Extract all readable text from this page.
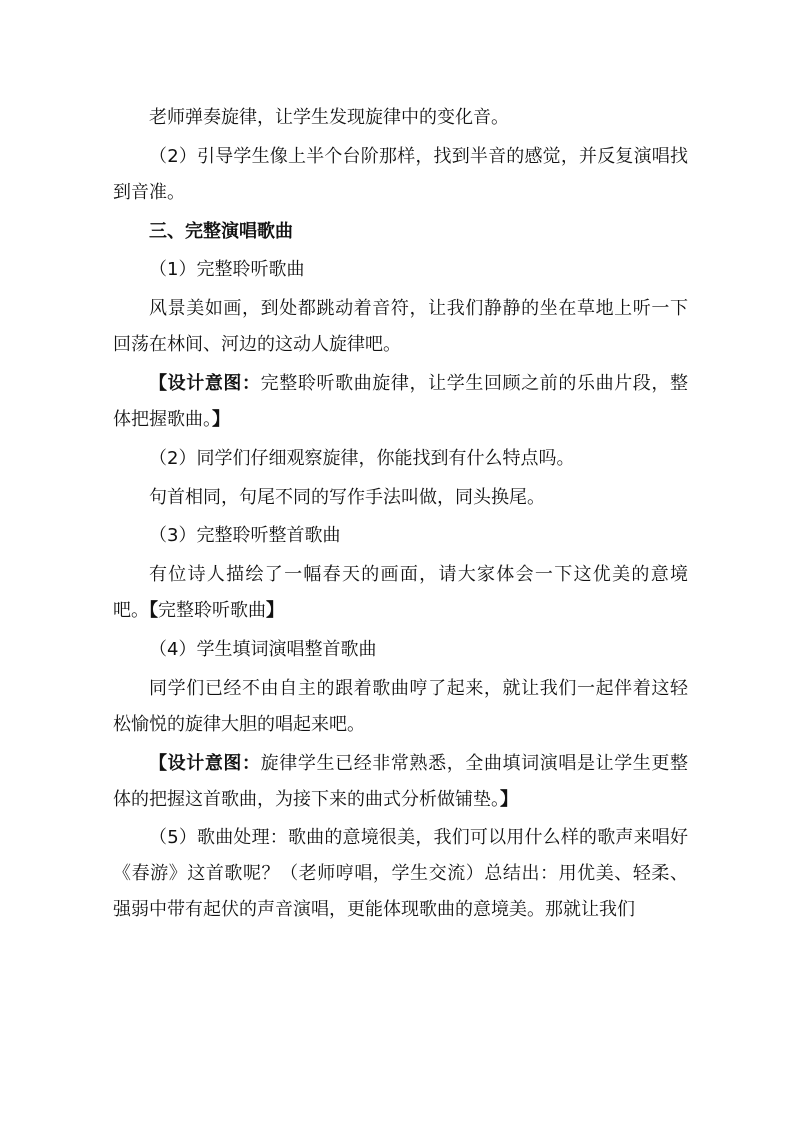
老师弹奏旋律，让学生发现旋律中的变化音。

（2）引导学生像上半个台阶那样，找到半音的感觉，并反复演唱找到音准。

三、完整演唱歌曲

（1）完整聆听歌曲

风景美如画，到处都跳动着音符，让我们静静的坐在草地上听一下回荡在林间、河边的这动人旋律吧。

【设计意图：完整聆听歌曲旋律，让学生回顾之前的乐曲片段，整体把握歌曲。】

（2）同学们仔细观察旋律，你能找到有什么特点吗。

句首相同，句尾不同的写作手法叫做，同头换尾。

（3）完整聆听整首歌曲

有位诗人描绘了一幅春天的画面，请大家体会一下这优美的意境吧。【完整聆听歌曲】

（4）学生填词演唱整首歌曲

同学们已经不由自主的跟着歌曲哼了起来，就让我们一起伴着这轻松愉悦的旋律大胆的唱起来吧。

【设计意图：旋律学生已经非常熟悉，全曲填词演唱是让学生更整体的把握这首歌曲，为接下来的曲式分析做铺垫。】

（5）歌曲处理：歌曲的意境很美，我们可以用什么样的歌声来唱好《春游》这首歌呢？（老师哼唱，学生交流）总结出：用优美、轻柔、强弱中带有起伏的声音演唱，更能体现歌曲的意境美。那就让我们
